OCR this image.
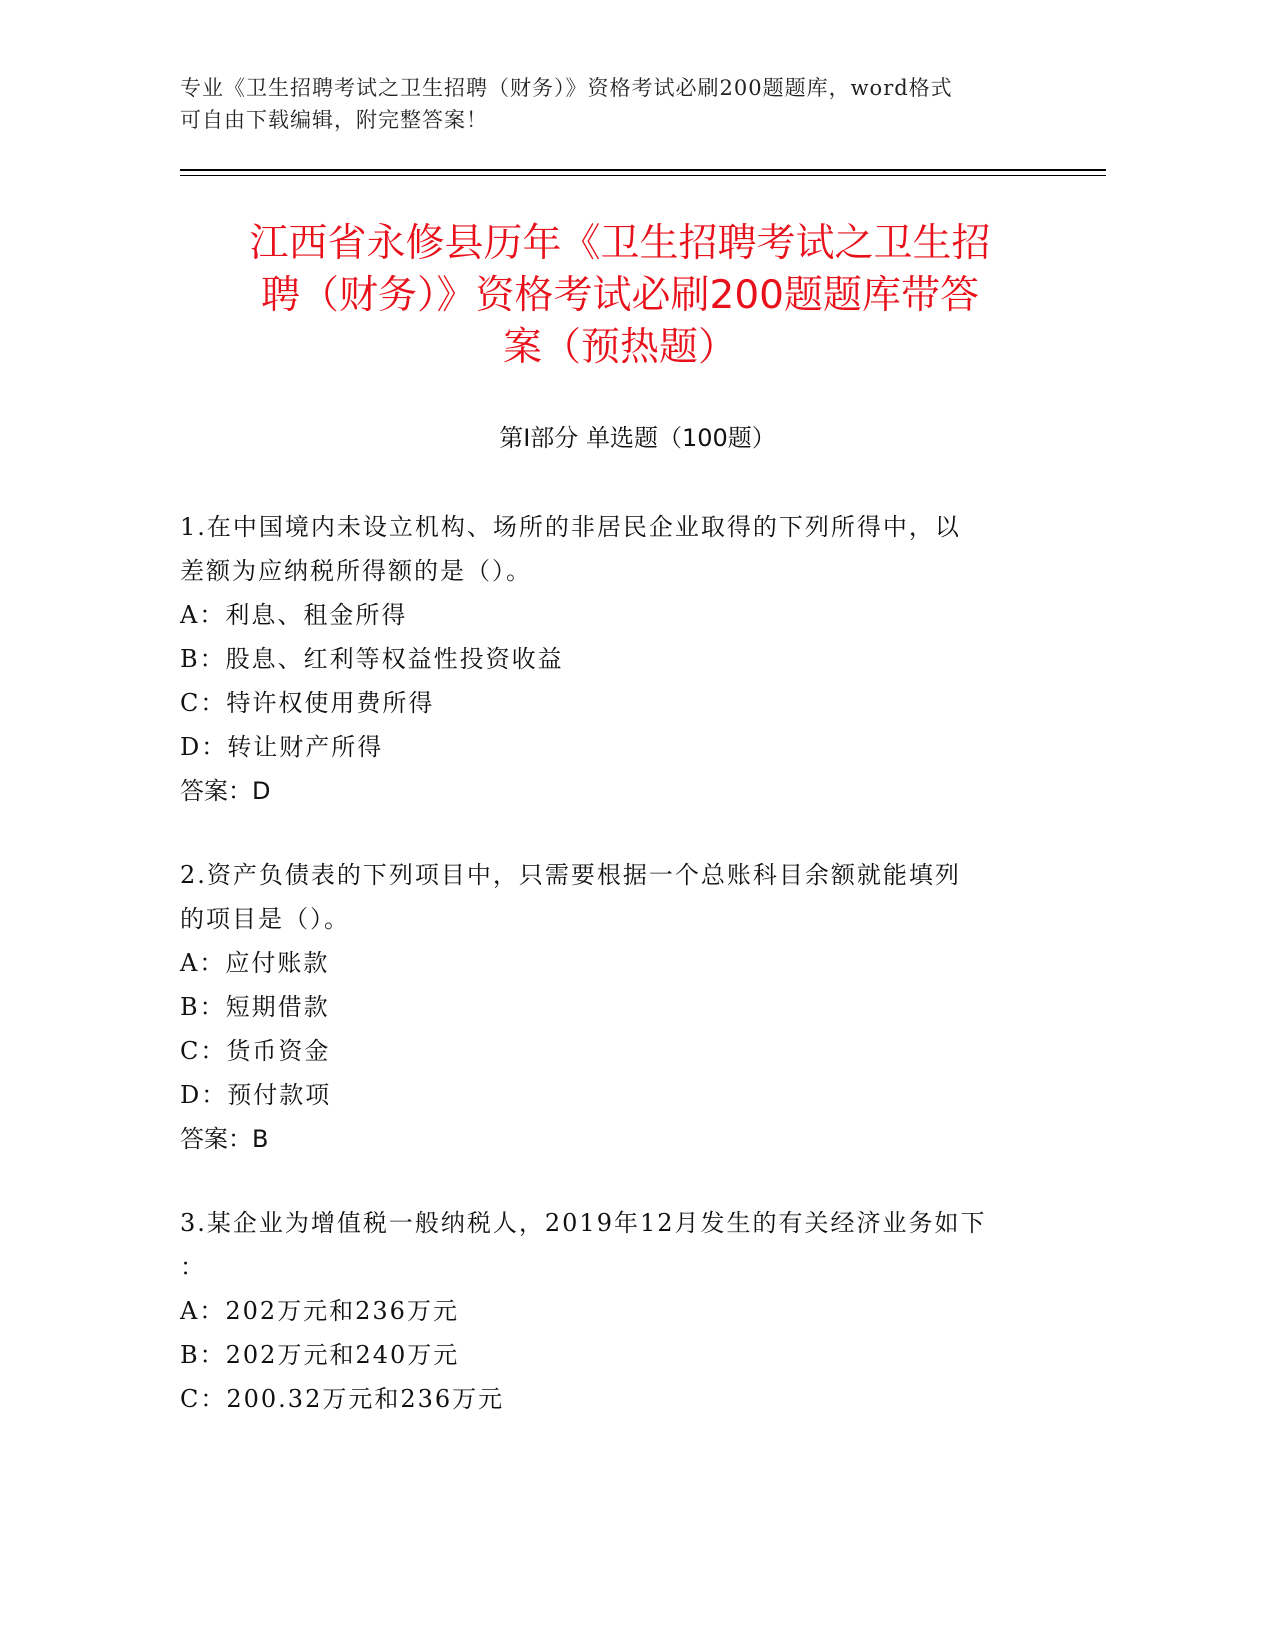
专业《卫生招聘考试之卫生招聘（财务）》资格考试必刷200题题库，word格式
可自由下载编辑，附完整答案！
江西省永修县历年《卫生招聘考试之卫生招
聘（财务）》资格考试必刷200题题库带答
案（预热题）
第Ⅰ部分 单选题（100题）
1.在中国境内未设立机构、场所的非居民企业取得的下列所得中，以
差额为应纳税所得额的是（）。
A：利息、租金所得
B：股息、红利等权益性投资收益
C：特许权使用费所得
D：转让财产所得
答案：D
2.资产负债表的下列项目中，只需要根据一个总账科目余额就能填列
的项目是（）。
A：应付账款
B：短期借款
C：货币资金
D：预付款项
答案：B
3.某企业为增值税一般纳税人，2019年12月发生的有关经济业务如下
：
A：202万元和236万元
B：202万元和240万元
C：200.32万元和236万元
